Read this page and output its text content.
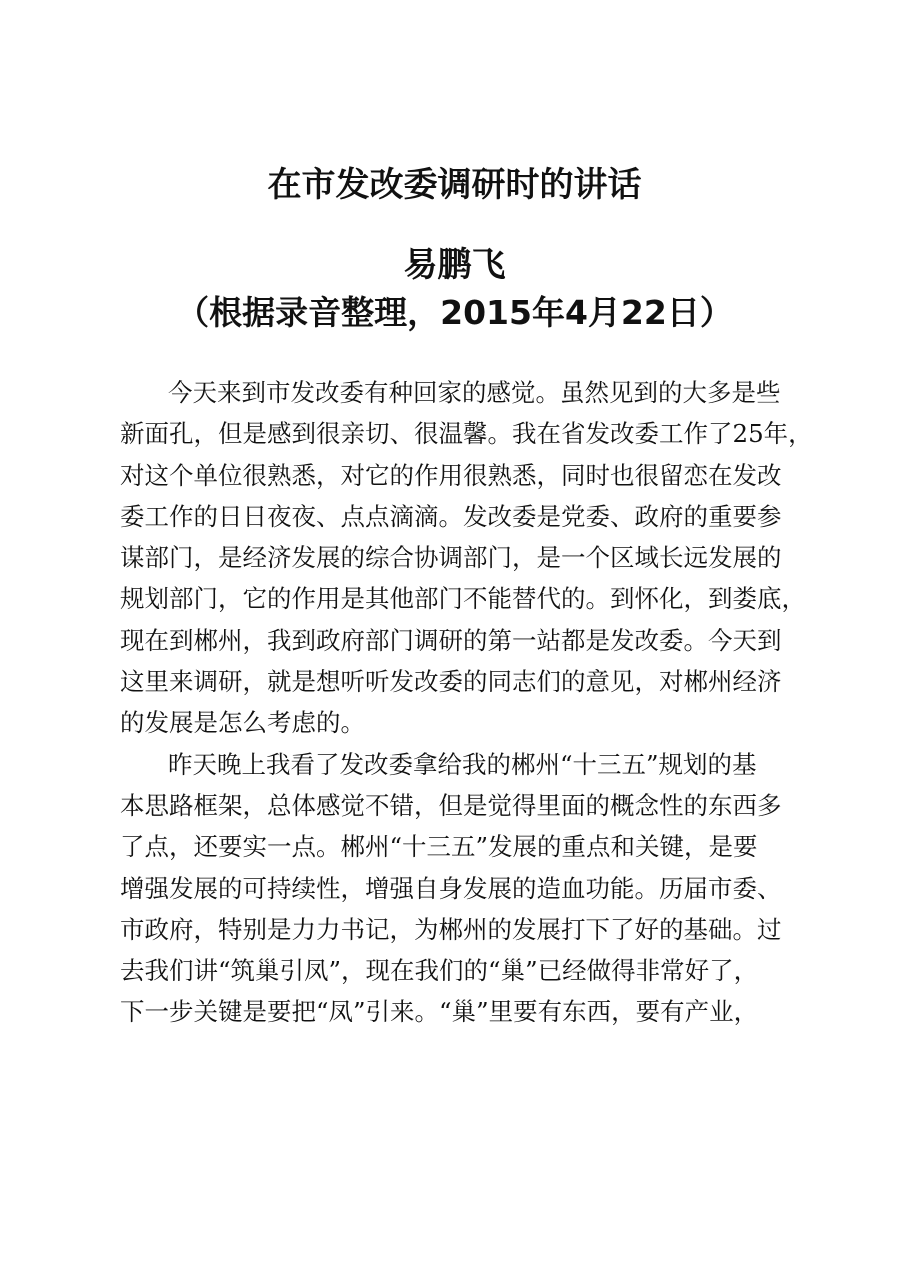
在市发改委调研时的讲话
易鹏飞
（根据录音整理，2015年4月22日）
今天来到市发改委有种回家的感觉。虽然见到的大多是些
新面孔，但是感到很亲切、很温馨。我在省发改委工作了25年，
对这个单位很熟悉，对它的作用很熟悉，同时也很留恋在发改
委工作的日日夜夜、点点滴滴。发改委是党委、政府的重要参
谋部门，是经济发展的综合协调部门，是一个区域长远发展的
规划部门，它的作用是其他部门不能替代的。到怀化，到娄底，
现在到郴州，我到政府部门调研的第一站都是发改委。今天到
这里来调研，就是想听听发改委的同志们的意见，对郴州经济
的发展是怎么考虑的。
昨天晚上我看了发改委拿给我的郴州“十三五”规划的基
本思路框架，总体感觉不错，但是觉得里面的概念性的东西多
了点，还要实一点。郴州“十三五”发展的重点和关键，是要
增强发展的可持续性，增强自身发展的造血功能。历届市委、
市政府，特别是力力书记，为郴州的发展打下了好的基础。过
去我们讲“筑巢引凤”，现在我们的“巢”已经做得非常好了，
下一步关键是要把“凤”引来。“巢”里要有东西，要有产业，
